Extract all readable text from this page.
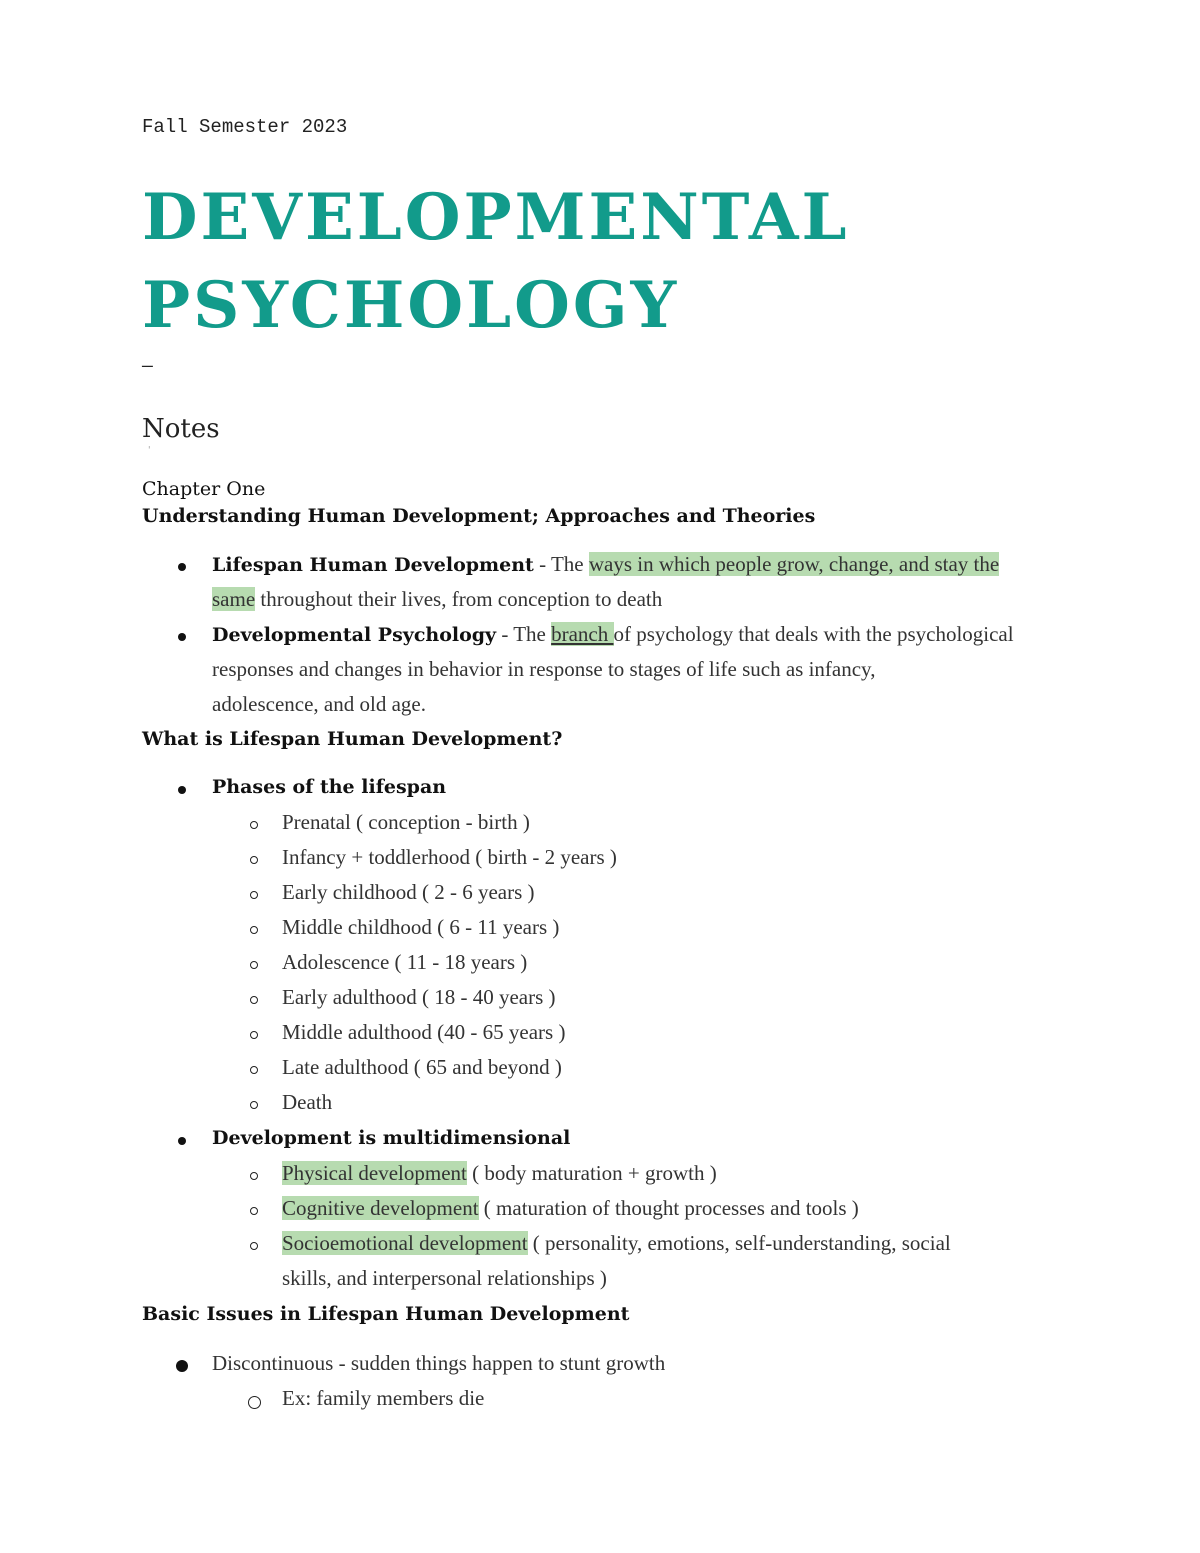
Fall Semester 2023
DEVELOPMENTAL
PSYCHOLOGY
—
Notes
'
Chapter One
Understanding Human Development; Approaches and Theories
Lifespan Human Development - The ways in which people grow, change, and stay the
same throughout their lives, from conception to death
Developmental Psychology - The branch of psychology that deals with the psychological
responses and changes in behavior in response to stages of life such as infancy,
adolescence, and old age.
What is Lifespan Human Development?
Phases of the lifespan
Prenatal ( conception - birth )
Infancy + toddlerhood ( birth - 2 years )
Early childhood ( 2 - 6 years )
Middle childhood ( 6 - 11 years )
Adolescence ( 11 - 18 years )
Early adulthood ( 18 - 40 years )
Middle adulthood (40 - 65 years )
Late adulthood ( 65 and beyond )
Death
Development is multidimensional
Physical development ( body maturation + growth )
Cognitive development ( maturation of thought processes and tools )
Socioemotional development ( personality, emotions, self-understanding, social
skills, and interpersonal relationships )
Basic Issues in Lifespan Human Development
Discontinuous - sudden things happen to stunt growth
Ex: family members die
